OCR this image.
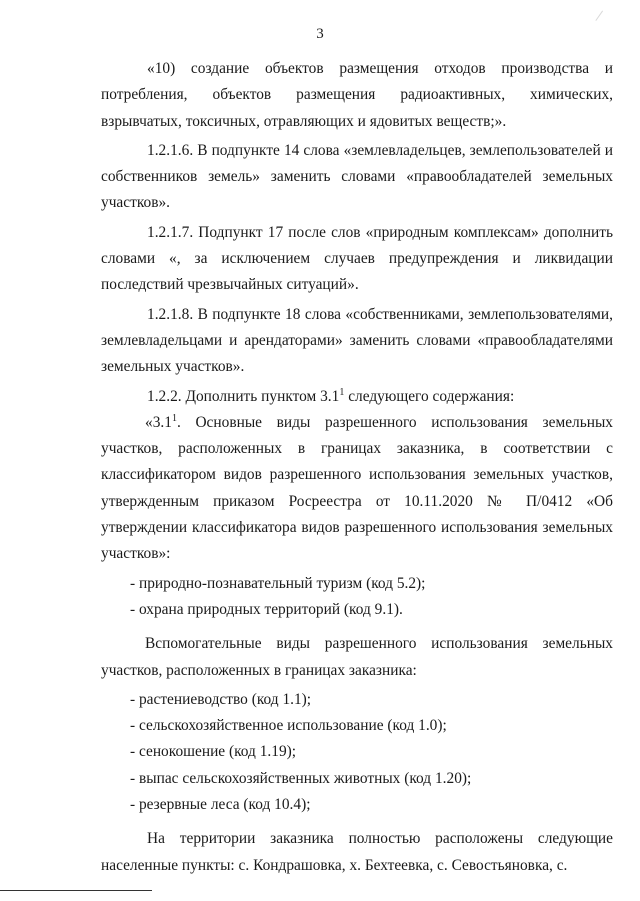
3

«10) создание объектов размещения отходов производства и потребления, объектов размещения радиоактивных, химических, взрывчатых, токсичных, отравляющих и ядовитых веществ;».

1.2.1.6. В подпункте 14 слова «землевладельцев, землепользователей и собственников земель» заменить словами «правообладателей земельных участков».

1.2.1.7. Подпункт 17 после слов «природным комплексам» дополнить словами «, за исключением случаев предупреждения и ликвидации последствий чрезвычайных ситуаций».

1.2.1.8. В подпункте 18 слова «собственниками, землепользователями, землевладельцами и арендаторами» заменить словами «правообладателями земельных участков».

1.2.2. Дополнить пунктом $3.1^1$ следующего содержания:

«$3.1^1$. Основные виды разрешенного использования земельных участков, расположенных в границах заказника, в соответствии с классификатором видов разрешенного использования земельных участков, утвержденным приказом Росреестра от 10.11.2020 № П/0412 «Об утверждении классификатора видов разрешенного использования земельных участков»:

- природно-познавательный туризм (код 5.2);

- охрана природных территорий (код 9.1).

Вспомогательные виды разрешенного использования земельных участков, расположенных в границах заказника:

- растениеводство (код 1.1);

- сельскохозяйственное использование (код 1.0);

- сенокошение (код 1.19);

- выпас сельскохозяйственных животных (код 1.20);

- резервные леса (код 10.4);

На территории заказника полностью расположены следующие населенные пункты: с. Кондрашовка, х. Бехтеевка, с. Севостьяновка, с.
